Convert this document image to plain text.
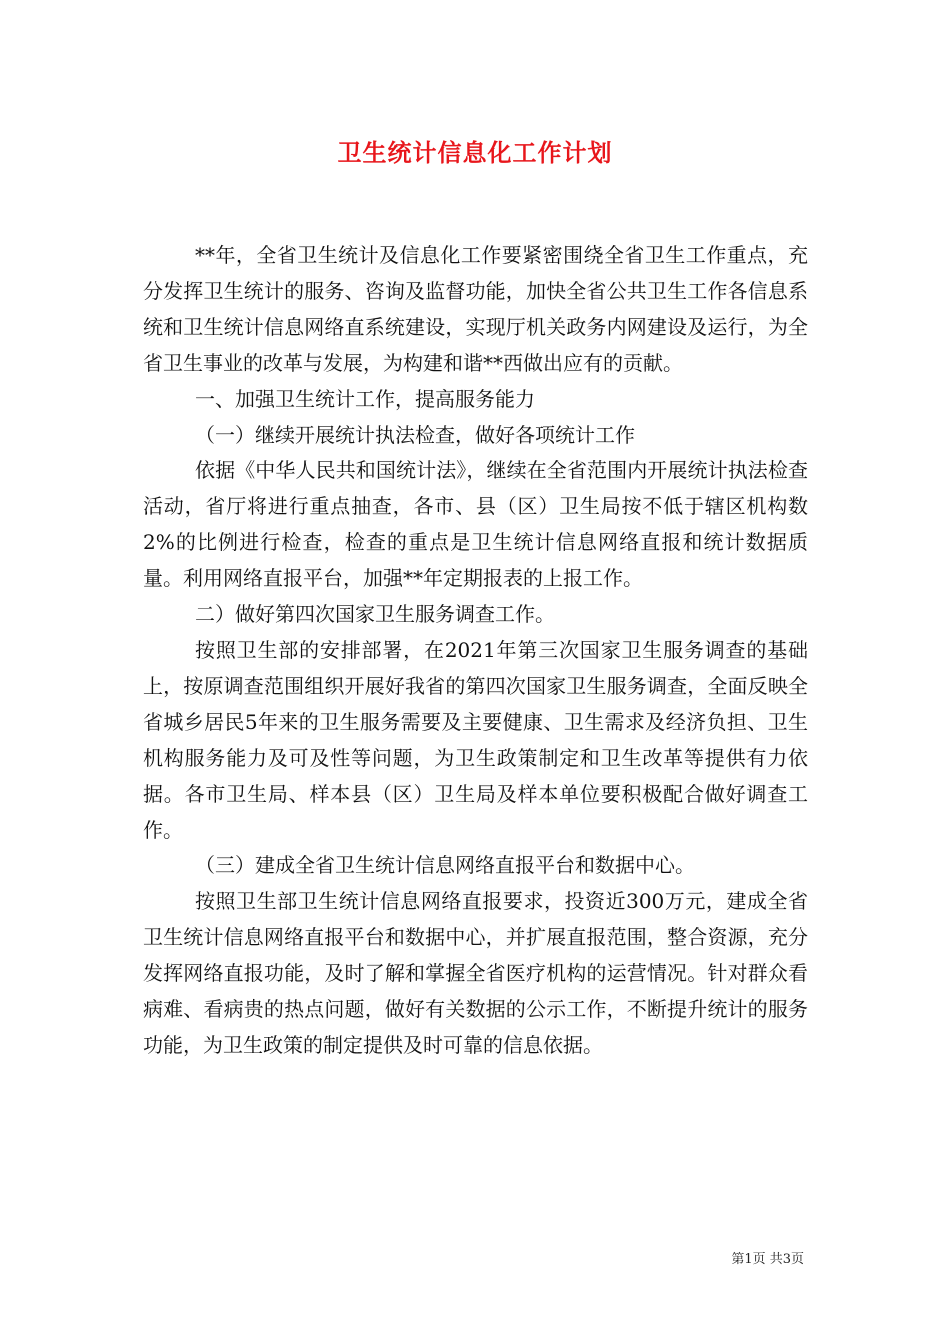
卫生统计信息化工作计划

**年，全省卫生统计及信息化工作要紧密围绕全省卫生工作重点，充分发挥卫生统计的服务、咨询及监督功能，加快全省公共卫生工作各信息系统和卫生统计信息网络直系统建设，实现厅机关政务内网建设及运行，为全省卫生事业的改革与发展，为构建和谐**西做出应有的贡献。

一、加强卫生统计工作，提高服务能力

（一）继续开展统计执法检查，做好各项统计工作

依据《中华人民共和国统计法》，继续在全省范围内开展统计执法检查活动，省厅将进行重点抽查，各市、县（区）卫生局按不低于辖区机构数2%的比例进行检查，检查的重点是卫生统计信息网络直报和统计数据质量。利用网络直报平台，加强**年定期报表的上报工作。

二）做好第四次国家卫生服务调查工作。

按照卫生部的安排部署，在2021年第三次国家卫生服务调查的基础上，按原调查范围组织开展好我省的第四次国家卫生服务调查，全面反映全省城乡居民5年来的卫生服务需要及主要健康、卫生需求及经济负担、卫生机构服务能力及可及性等问题，为卫生政策制定和卫生改革等提供有力依据。各市卫生局、样本县（区）卫生局及样本单位要积极配合做好调查工作。

（三）建成全省卫生统计信息网络直报平台和数据中心。

按照卫生部卫生统计信息网络直报要求，投资近300万元，建成全省卫生统计信息网络直报平台和数据中心，并扩展直报范围，整合资源，充分发挥网络直报功能，及时了解和掌握全省医疗机构的运营情况。针对群众看病难、看病贵的热点问题，做好有关数据的公示工作，不断提升统计的服务功能，为卫生政策的制定提供及时可靠的信息依据。

第1页 共3页
